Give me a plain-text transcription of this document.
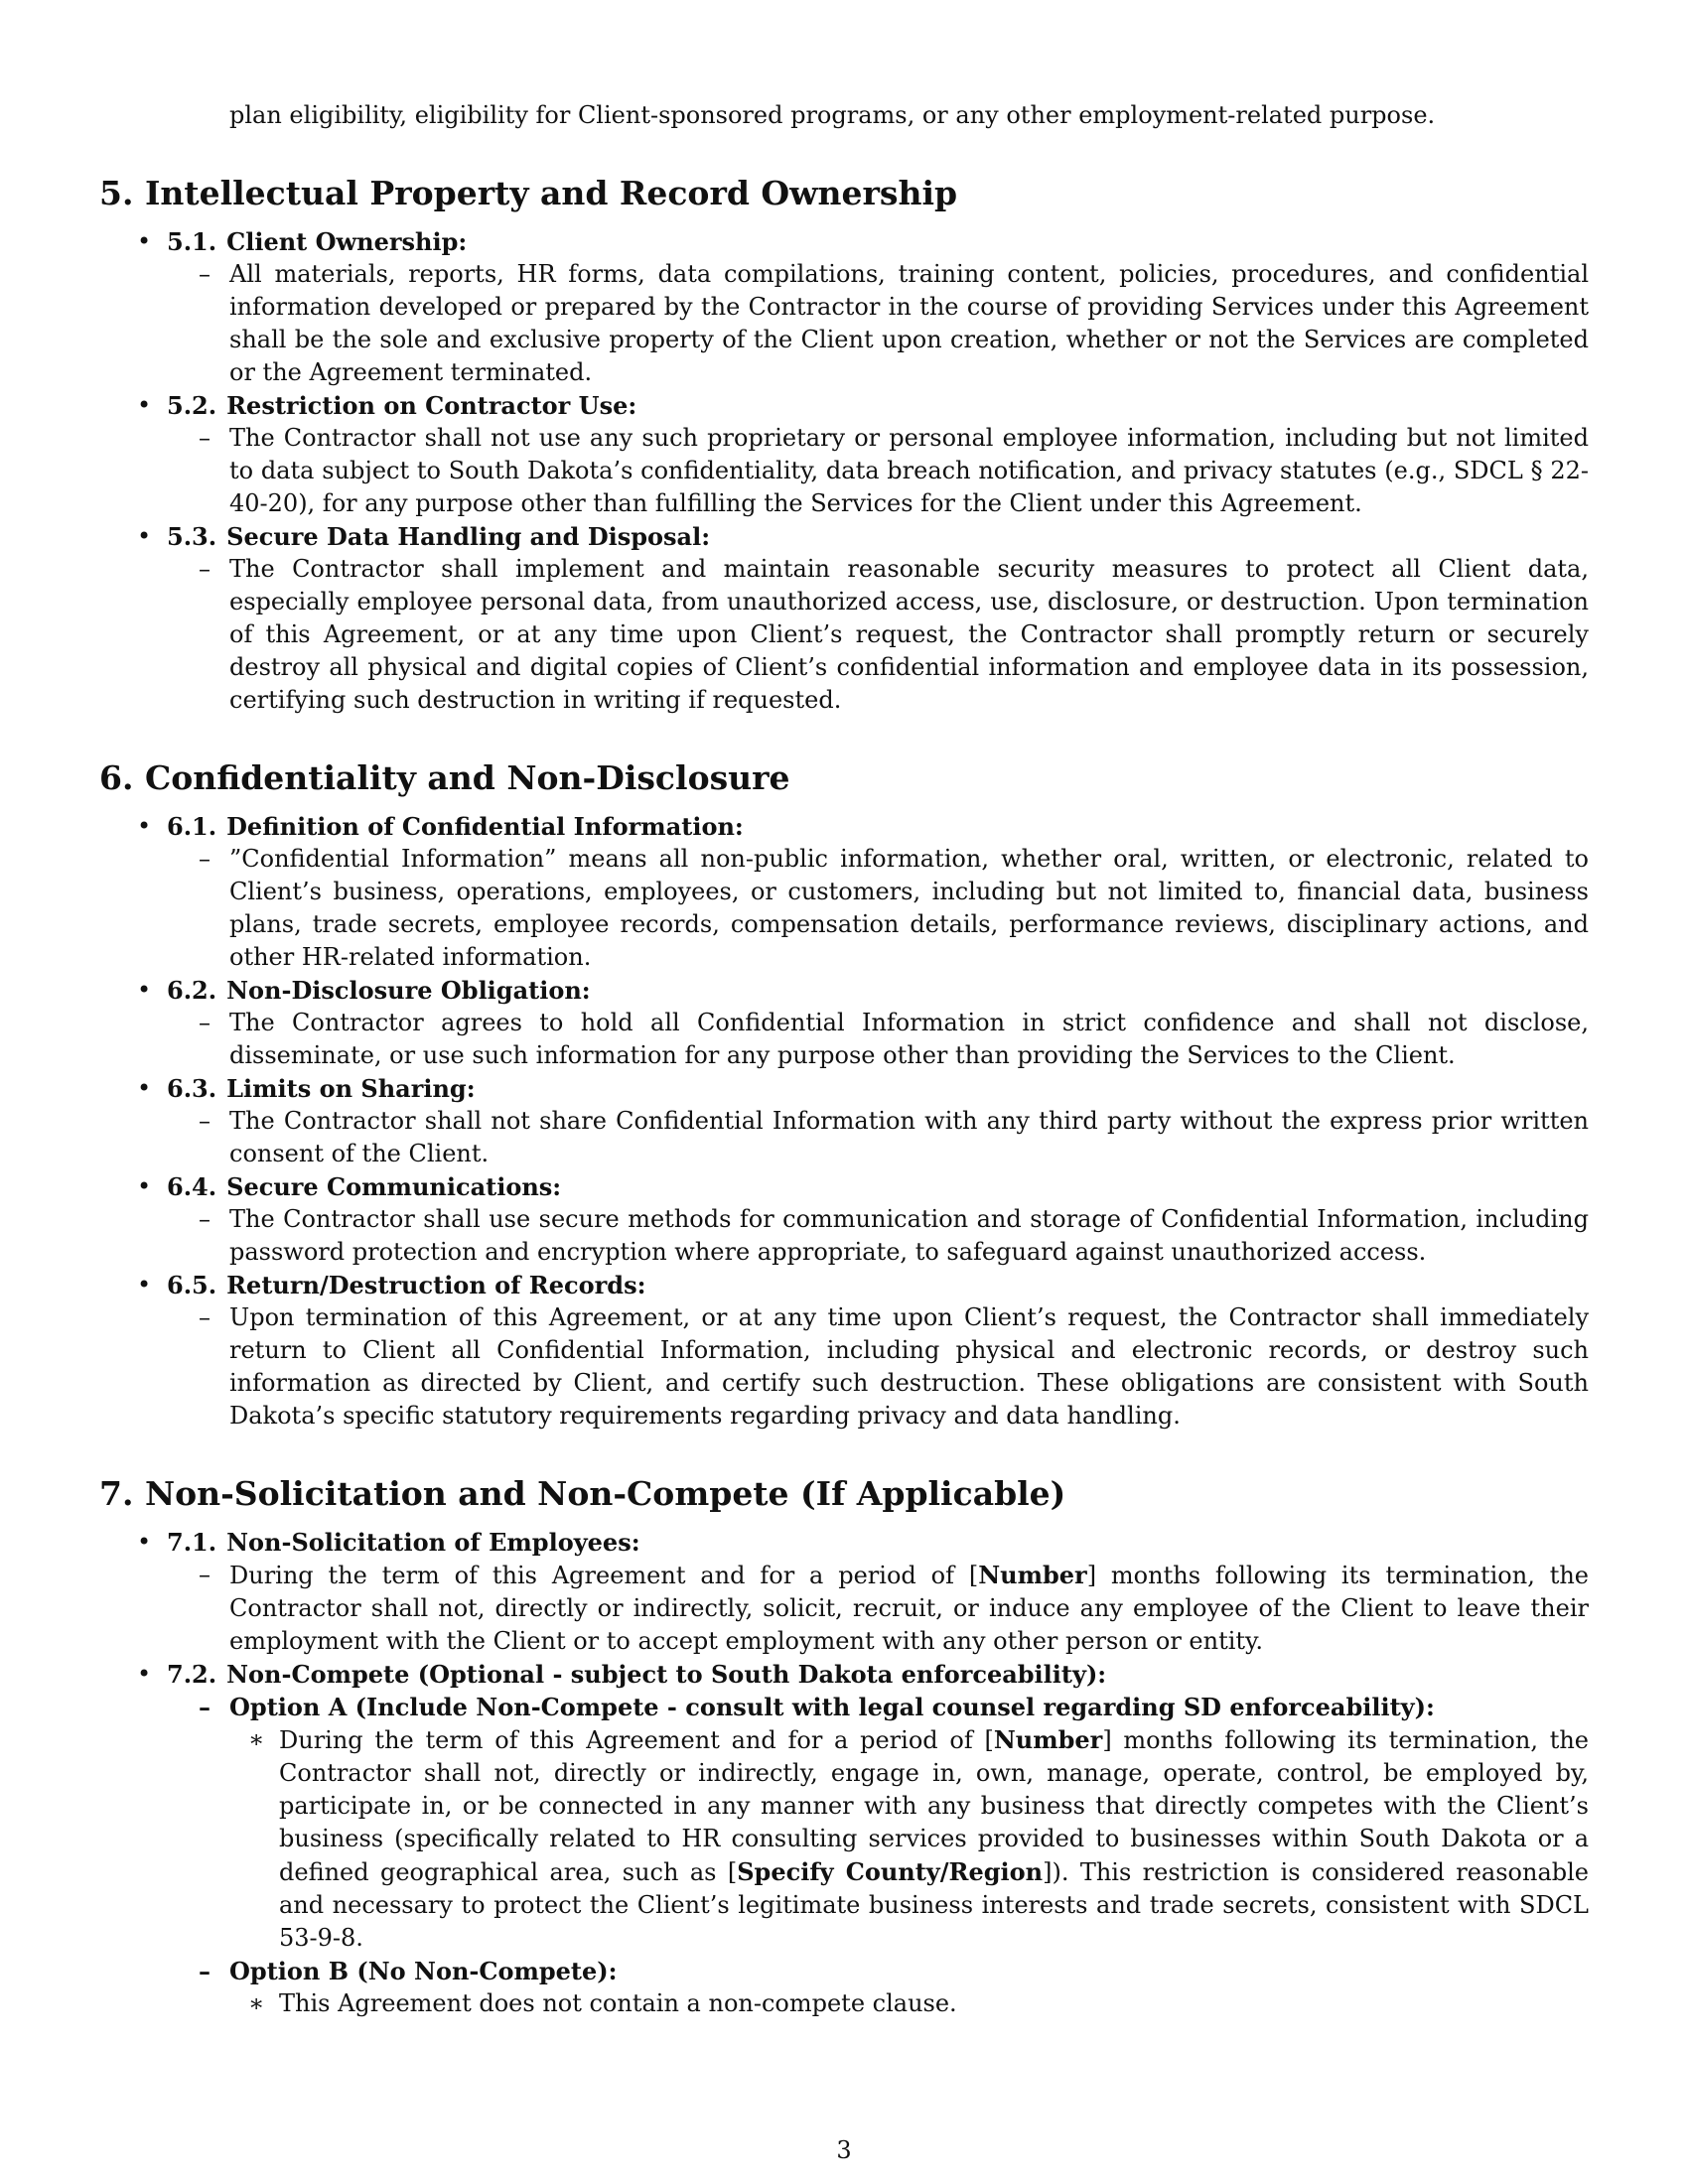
plan eligibility, eligibility for Client-sponsored programs, or any other employment-related purpose.
5. Intellectual Property and Record Ownership
• 5.1. Client Ownership:
– All materials, reports, HR forms, data compilations, training content, policies, procedures, and confidential information developed or prepared by the Contractor in the course of providing Services under this Agreement shall be the sole and exclusive property of the Client upon creation, whether or not the Services are completed or the Agreement terminated.
• 5.2. Restriction on Contractor Use:
– The Contractor shall not use any such proprietary or personal employee information, including but not limited to data subject to South Dakota’s confidentiality, data breach notification, and privacy statutes (e.g., SDCL § 22-40-20), for any purpose other than fulfilling the Services for the Client under this Agreement.
• 5.3. Secure Data Handling and Disposal:
– The Contractor shall implement and maintain reasonable security measures to protect all Client data, especially employee personal data, from unauthorized access, use, disclosure, or destruction. Upon termination of this Agreement, or at any time upon Client’s request, the Contractor shall promptly return or securely destroy all physical and digital copies of Client’s confidential information and employee data in its possession, certifying such destruction in writing if requested.
6. Confidentiality and Non-Disclosure
• 6.1. Definition of Confidential Information:
– ”Confidential Information” means all non-public information, whether oral, written, or electronic, related to Client’s business, operations, employees, or customers, including but not limited to, financial data, business plans, trade secrets, employee records, compensation details, performance reviews, disciplinary actions, and other HR-related information.
• 6.2. Non-Disclosure Obligation:
– The Contractor agrees to hold all Confidential Information in strict confidence and shall not disclose, disseminate, or use such information for any purpose other than providing the Services to the Client.
• 6.3. Limits on Sharing:
– The Contractor shall not share Confidential Information with any third party without the express prior written consent of the Client.
• 6.4. Secure Communications:
– The Contractor shall use secure methods for communication and storage of Confidential Information, including password protection and encryption where appropriate, to safeguard against unauthorized access.
• 6.5. Return/Destruction of Records:
– Upon termination of this Agreement, or at any time upon Client’s request, the Contractor shall immediately return to Client all Confidential Information, including physical and electronic records, or destroy such information as directed by Client, and certify such destruction. These obligations are consistent with South Dakota’s specific statutory requirements regarding privacy and data handling.
7. Non-Solicitation and Non-Compete (If Applicable)
• 7.1. Non-Solicitation of Employees:
– During the term of this Agreement and for a period of [Number] months following its termination, the Contractor shall not, directly or indirectly, solicit, recruit, or induce any employee of the Client to leave their employment with the Client or to accept employment with any other person or entity.
• 7.2. Non-Compete (Optional - subject to South Dakota enforceability):
– Option A (Include Non-Compete - consult with legal counsel regarding SD enforceability):
∗ During the term of this Agreement and for a period of [Number] months following its termination, the Contractor shall not, directly or indirectly, engage in, own, manage, operate, control, be employed by, participate in, or be connected in any manner with any business that directly competes with the Client’s business (specifically related to HR consulting services provided to businesses within South Dakota or a defined geographical area, such as [Specify County/Region]). This restriction is considered reasonable and necessary to protect the Client’s legitimate business interests and trade secrets, consistent with SDCL 53-9-8.
– Option B (No Non-Compete):
∗ This Agreement does not contain a non-compete clause.
3
